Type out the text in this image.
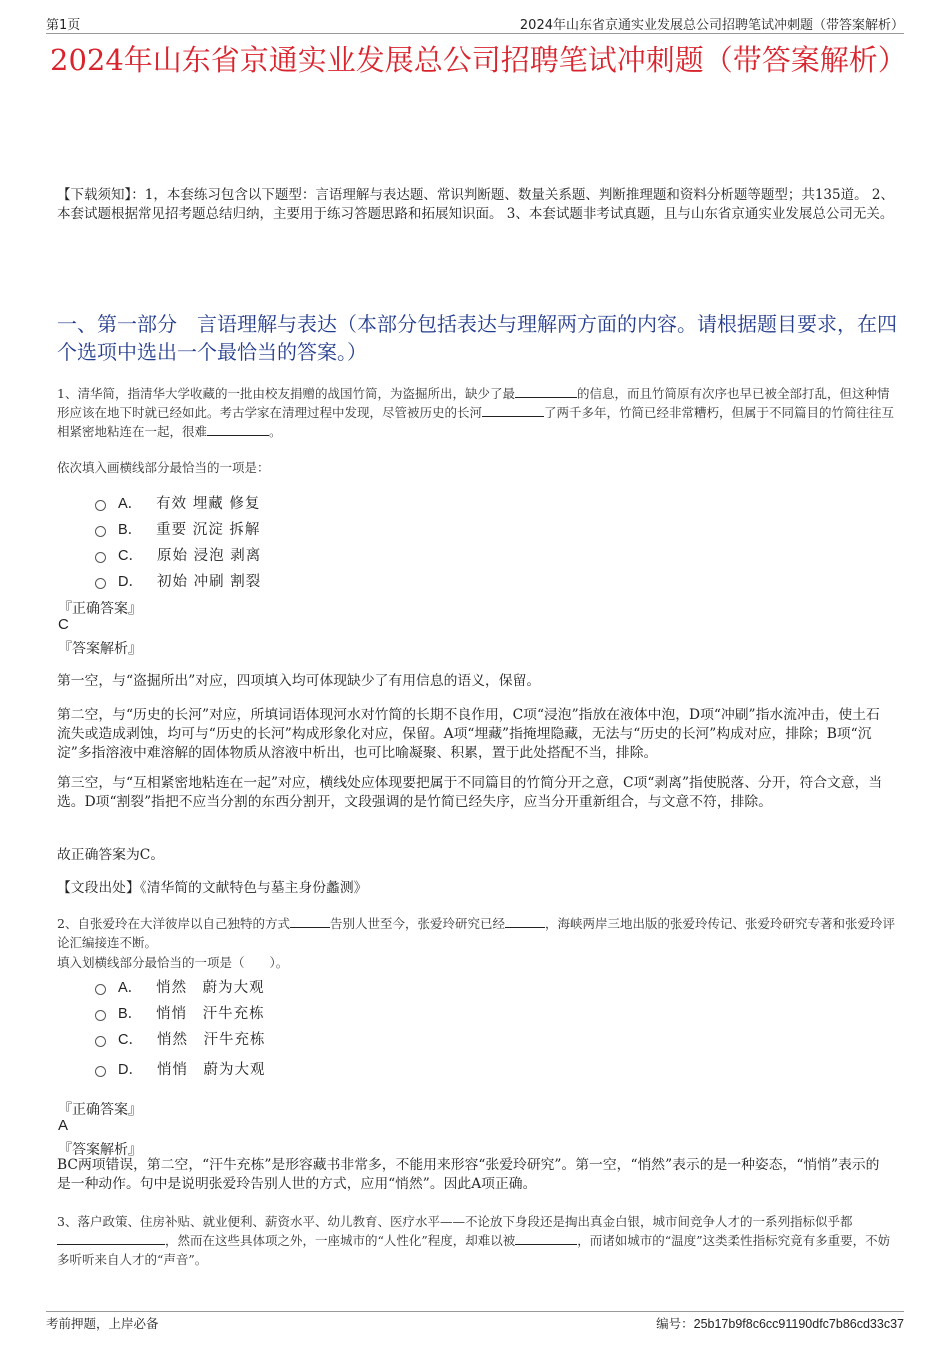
第1页	2024年山东省京通实业发展总公司招聘笔试冲刺题（带答案解析）
2024年山东省京通实业发展总公司招聘笔试冲刺题（带答案解析）
【下载须知】：1，本套练习包含以下题型：言语理解与表达题、常识判断题、数量关系题、判断推理题和资料分析题等题型；共135道。 2、本套试题根据常见招考题总结归纳，主要用于练习答题思路和拓展知识面。 3、本套试题非考试真题，且与山东省京通实业发展总公司无关。
一、第一部分　言语理解与表达（本部分包括表达与理解两方面的内容。请根据题目要求，在四个选项中选出一个最恰当的答案。）
1、清华简，指清华大学收藏的一批由校友捐赠的战国竹简，为盗掘所出，缺少了最	的信息，而且竹简原有次序也早已被全部打乱，但这种情形应该在地下时就已经如此。考古学家在清理过程中发现，尽管被历史的长河	了两千多年，竹简已经非常糟朽，但属于不同篇目的竹简往往互相紧密地粘连在一起，很难	。
依次填入画横线部分最恰当的一项是：
A． 有效 埋藏 修复
B． 重要 沉淀 拆解
C． 原始 浸泡 剥离
D． 初始 冲刷 割裂
『正确答案』
C
『答案解析』
第一空，与“盗掘所出”对应，四项填入均可体现缺少了有用信息的语义，保留。
第二空，与“历史的长河”对应，所填词语体现河水对竹简的长期不良作用，C项“浸泡”指放在液体中泡，D项“冲刷”指水流冲击，使土石流失或造成剥蚀，均可与“历史的长河”构成形象化对应，保留。A项“埋藏”指掩埋隐藏，无法与“历史的长河”构成对应，排除；B项“沉淀”多指溶液中难溶解的固体物质从溶液中析出，也可比喻凝聚、积累，置于此处搭配不当，排除。
第三空，与“互相紧密地粘连在一起”对应，横线处应体现要把属于不同篇目的竹简分开之意，C项“剥离”指使脱落、分开，符合文意，当选。D项“割裂”指把不应当分割的东西分割开，文段强调的是竹简已经失序，应当分开重新组合，与文意不符，排除。
故正确答案为C。
【文段出处】《清华简的文献特色与墓主身份蠡测》
2、自张爱玲在大洋彼岸以自己独特的方式	告别人世至今，张爱玲研究已经	，海峡两岸三地出版的张爱玲传记、张爱玲研究专著和张爱玲评论汇编接连不断。
填入划横线部分最恰当的一项是（　　）。
A． 悄然　蔚为大观
B． 悄悄　汗牛充栋
C． 悄然　汗牛充栋
D． 悄悄　蔚为大观
『正确答案』
A
『答案解析』
BC两项错误，第二空，“汗牛充栋”是形容藏书非常多，不能用来形容“张爱玲研究”。第一空，“悄然”表示的是一种姿态，“悄悄”表示的是一种动作。句中是说明张爱玲告别人世的方式，应用“悄然”。因此A项正确。
3、落户政策、住房补贴、就业便利、薪资水平、幼儿教育、医疗水平——不论放下身段还是掏出真金白银，城市间竞争人才的一系列指标似乎都，然而在这些具体项之外，一座城市的“人性化”程度，却难以被	，而诸如城市的“温度”这类柔性指标究竟有多重要，不妨多听听来自人才的“声音”。
考前押题，上岸必备	编号：25b17b9f8c6cc91190dfc7b86cd33c37
